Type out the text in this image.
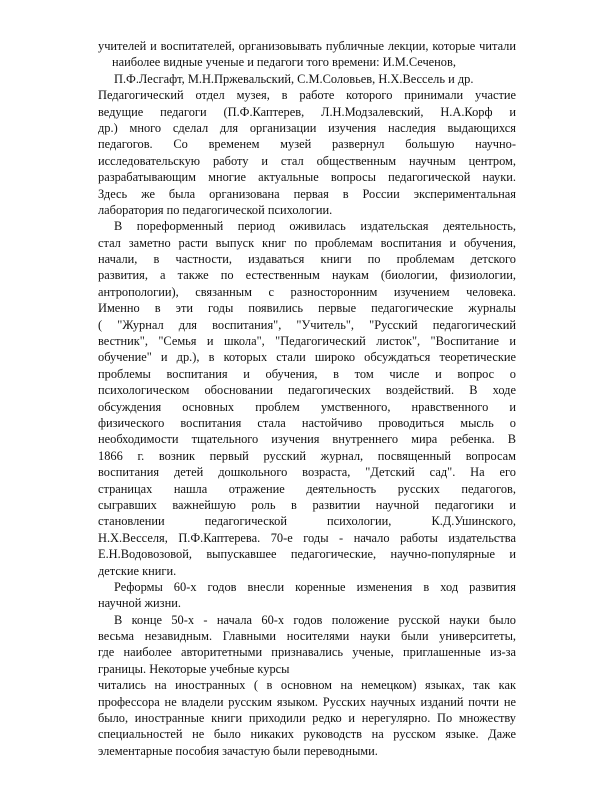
учителей и воспитателей, организовывать публичные лекции, которые читали
наиболее видные ученые и педагоги того времени: И.М.Сеченов,
П.Ф.Лесгафт, М.Н.Пржевальский, С.М.Соловьев, Н.Х.Вессель и др.
Педагогический отдел музея, в работе которого принимали участие
ведущие педагоги (П.Ф.Каптерев, Л.Н.Модзалевский, Н.А.Корф и
др.) много сделал для организации изучения наследия выдающихся
педагогов. Со временем музей развернул большую научно-
исследовательскую работу и стал общественным научным центром,
разрабатывающим многие актуальные вопросы педагогической науки.
Здесь же была организована первая в России экспериментальная
лаборатория по педагогической психологии.
В пореформенный период оживилась издательская деятельность,
стал заметно расти выпуск книг по проблемам воспитания и обучения,
начали, в частности, издаваться книги по проблемам детского
развития, а также по естественным наукам (биологии, физиологии,
антропологии), связанным с разносторонним изучением человека.
Именно в эти годы появились первые педагогические журналы
( "Журнал для воспитания", "Учитель", "Русский педагогический
вестник", "Семья и школа", "Педагогический листок", "Воспитание и
обучение" и др.), в которых стали широко обсуждаться теоретические
проблемы воспитания и обучения, в том числе и вопрос о
психологическом обосновании педагогических воздействий. В ходе
обсуждения основных проблем умственного, нравственного и
физического воспитания стала настойчиво проводиться мысль о
необходимости тщательного изучения внутреннего мира ребенка. В
1866 г. возник первый русский журнал, посвященный вопросам
воспитания детей дошкольного возраста, "Детский сад". На его
страницах нашла отражение деятельность русских педагогов,
сыгравших важнейшую роль в развитии научной педагогики и
становлении педагогической психологии, К.Д.Ушинского,
Н.Х.Весселя, П.Ф.Каптерева. 70-е годы - начало работы издательства
Е.Н.Водовозовой, выпускавшее педагогические, научно-популярные и
детские книги.
Реформы 60-х годов внесли коренные изменения в ход развития
научной жизни.
В конце 50-х - начала 60-х годов положение русской науки было
весьма незавидным. Главными носителями науки были университеты,
где наиболее авторитетными признавались ученые, приглашенные из-за
границы. Некоторые учебные курсы
читались на иностранных ( в основном на немецком) языках, так как
профессора не владели русским языком. Русских научных изданий почти не
было, иностранные книги приходили редко и нерегулярно. По множеству
специальностей не было никаких руководств на русском языке. Даже
элементарные пособия зачастую были переводными.
